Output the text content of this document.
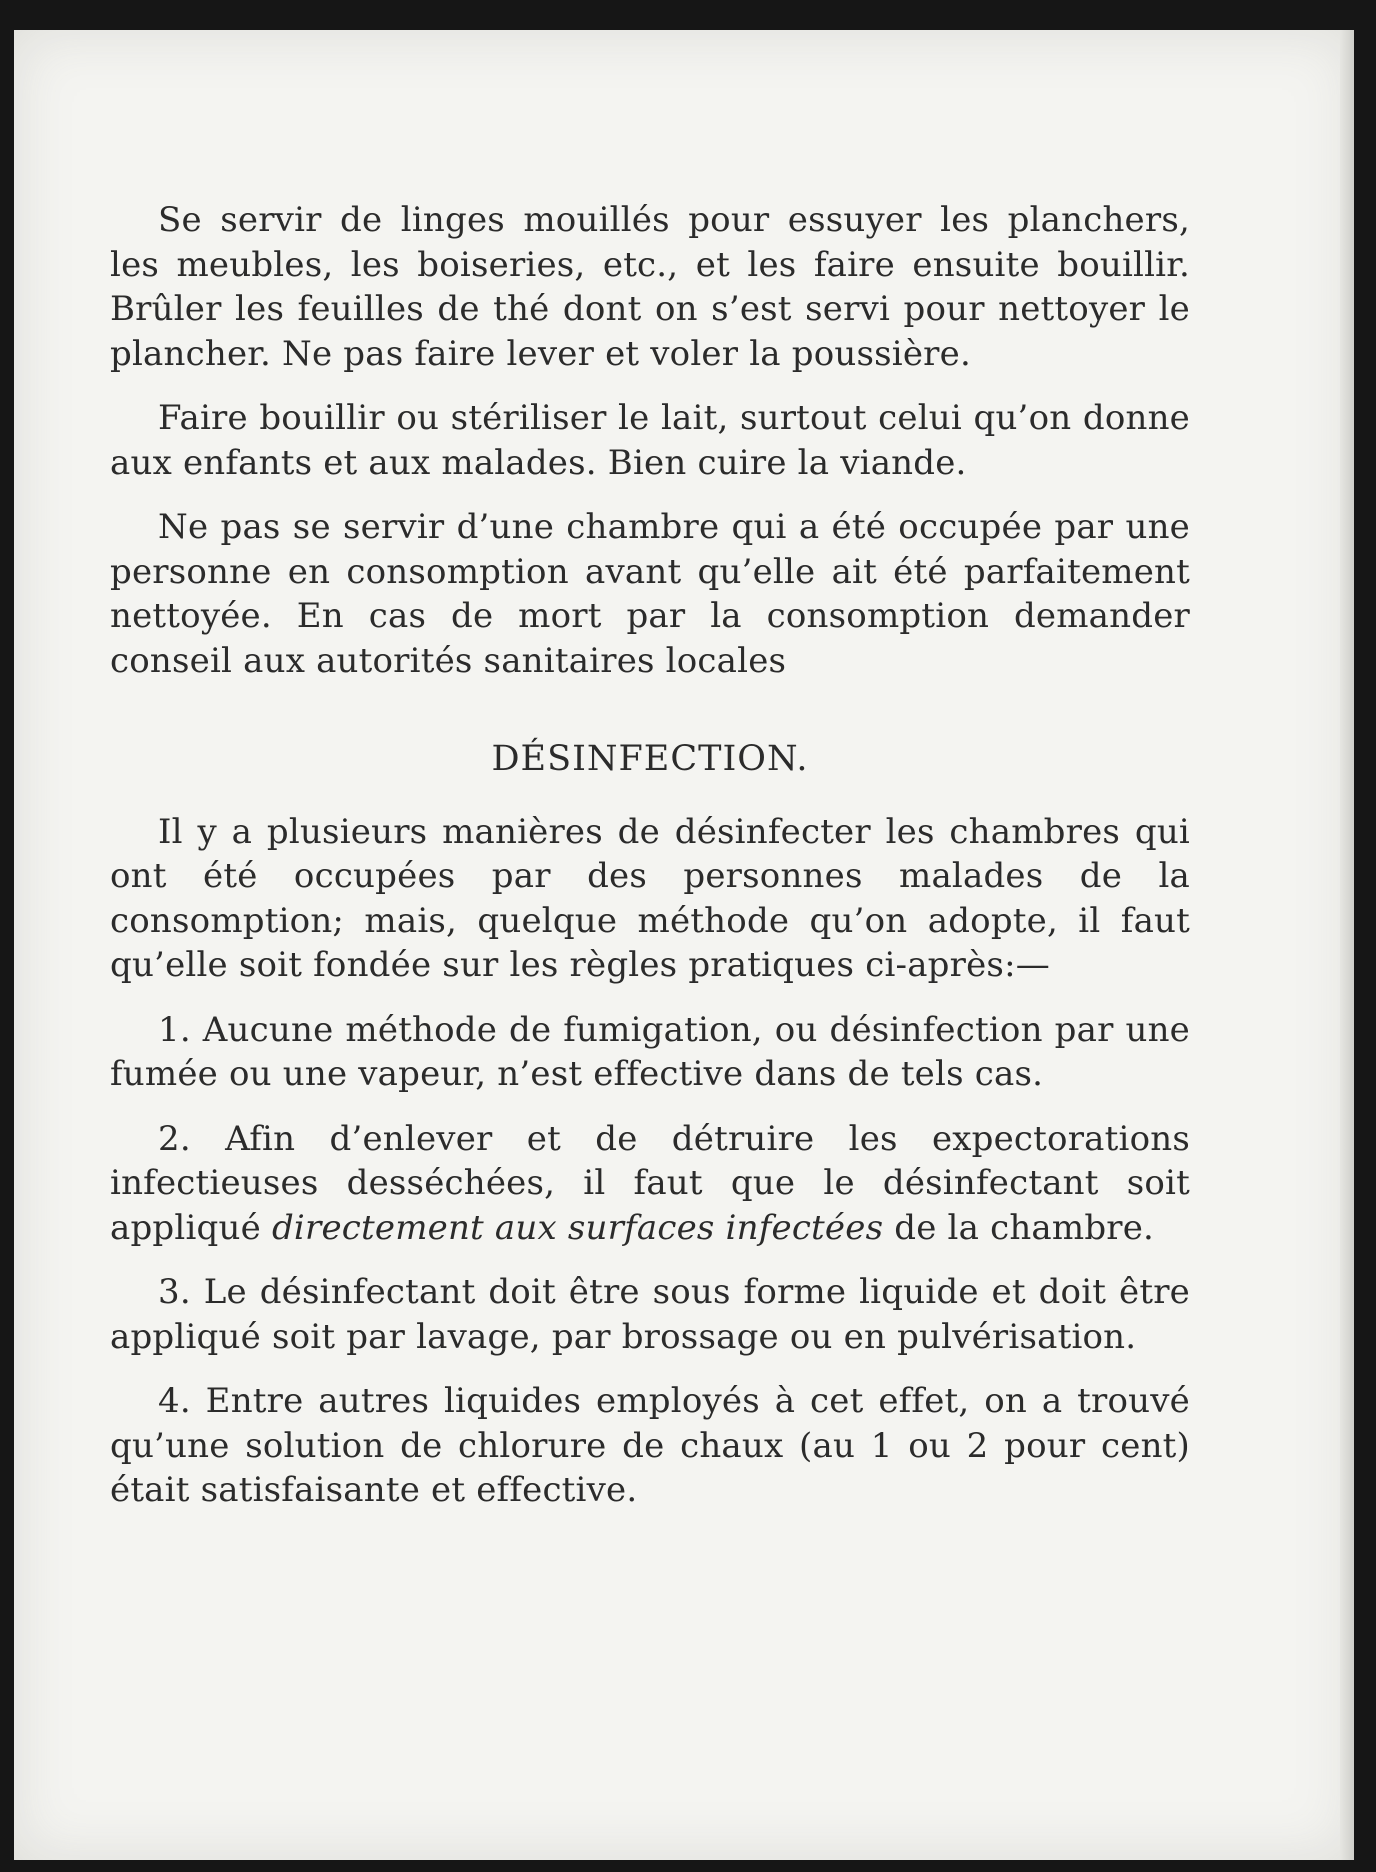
Se servir de linges mouillés pour essuyer les planchers, les meubles, les boiseries, etc., et les faire ensuite bouillir. Brûler les feuilles de thé dont on s’est servi pour nettoyer le plancher. Ne pas faire lever et voler la poussière.

Faire bouillir ou stériliser le lait, surtout celui qu’on donne aux enfants et aux malades. Bien cuire la viande.

Ne pas se servir d’une chambre qui a été occupée par une personne en consomption avant qu’elle ait été parfaitement nettoyée. En cas de mort par la consomption demander conseil aux autorités sanitaires locales

DÉSINFECTION.

Il y a plusieurs manières de désinfecter les chambres qui ont été occupées par des personnes malades de la consomption; mais, quelque méthode qu’on adopte, il faut qu’elle soit fondée sur les règles pratiques ci-après:—

1. Aucune méthode de fumigation, ou désinfection par une fumée ou une vapeur, n’est effective dans de tels cas.

2. Afin d’enlever et de détruire les expectorations infectieuses desséchées, il faut que le désinfectant soit appliqué directement aux surfaces infectées de la chambre.

3. Le désinfectant doit être sous forme liquide et doit être appliqué soit par lavage, par brossage ou en pulvérisation.

4. Entre autres liquides employés à cet effet, on a trouvé qu’une solution de chlorure de chaux (au 1 ou 2 pour cent) était satisfaisante et effective.
